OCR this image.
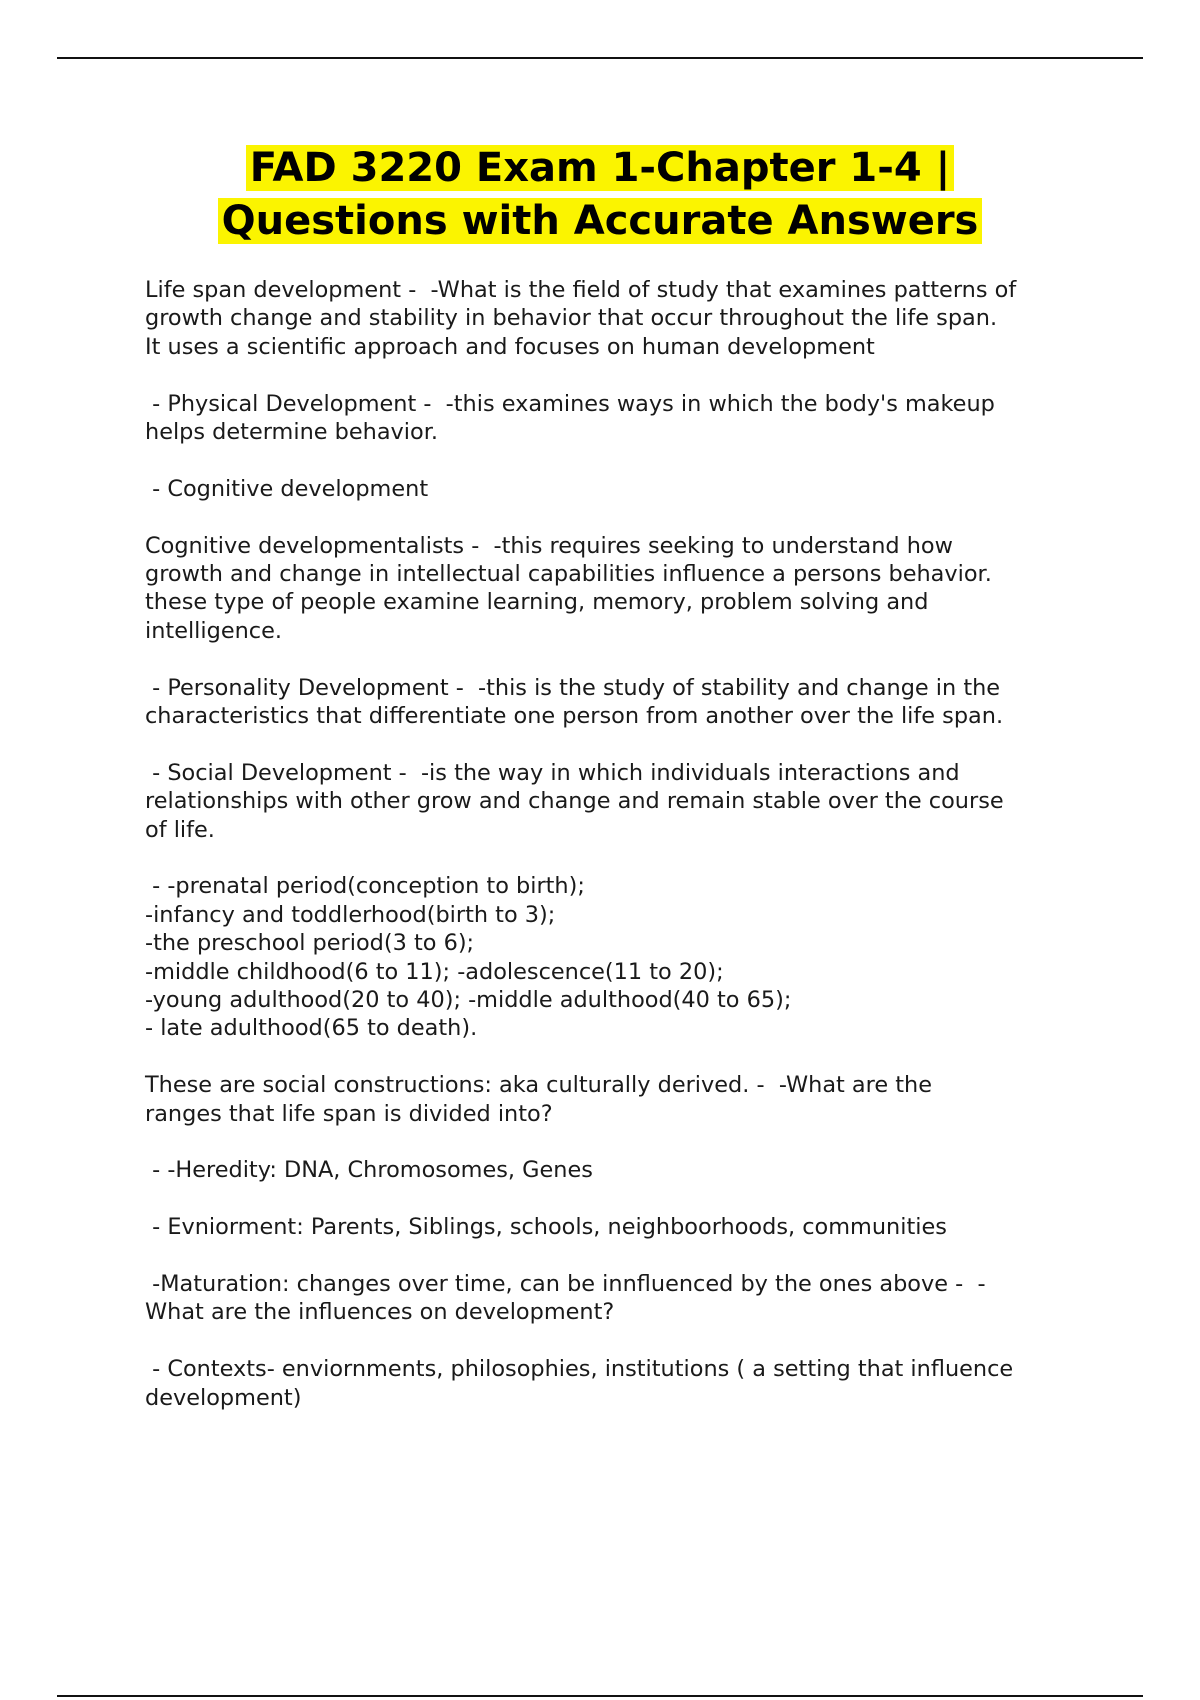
FAD 3220 Exam 1-Chapter 1-4 |
Questions with Accurate Answers
Life span development -  -What is the field of study that examines patterns of
growth change and stability in behavior that occur throughout the life span.
It uses a scientific approach and focuses on human development
- Physical Development -  -this examines ways in which the body's makeup
helps determine behavior.
- Cognitive development
Cognitive developmentalists -  -this requires seeking to understand how
growth and change in intellectual capabilities influence a persons behavior.
these type of people examine learning, memory, problem solving and
intelligence.
- Personality Development -  -this is the study of stability and change in the
characteristics that differentiate one person from another over the life span.
- Social Development -  -is the way in which individuals interactions and
relationships with other grow and change and remain stable over the course
of life.
- -prenatal period(conception to birth);
-infancy and toddlerhood(birth to 3);
-the preschool period(3 to 6);
-middle childhood(6 to 11); -adolescence(11 to 20);
-young adulthood(20 to 40); -middle adulthood(40 to 65);
- late adulthood(65 to death).
These are social constructions: aka culturally derived. -  -What are the
ranges that life span is divided into?
- -Heredity: DNA, Chromosomes, Genes
- Evniorment: Parents, Siblings, schools, neighboorhoods, communities
-Maturation: changes over time, can be innfluenced by the ones above -  -
What are the influences on development?
- Contexts- enviornments, philosophies, institutions ( a setting that influence
development)
